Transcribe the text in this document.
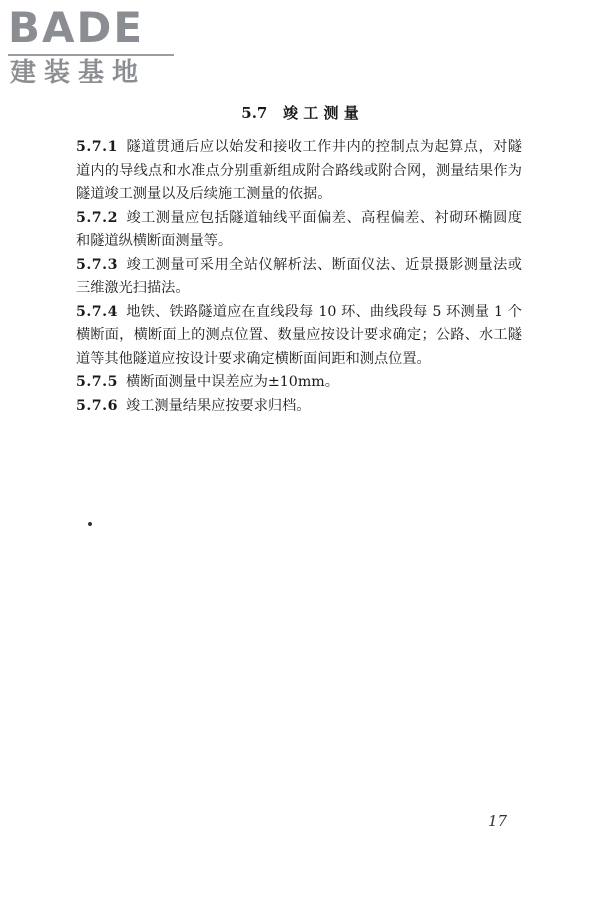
BADE
建装基地
5.7 竣 工 测 量

5.7.1 隧道贯通后应以始发和接收工作井内的控制点为起算点，对隧道内的导线点和水准点分别重新组成附合路线或附合网，测量结果作为隧道竣工测量以及后续施工测量的依据。

5.7.2 竣工测量应包括隧道轴线平面偏差、高程偏差、衬砌环椭圆度和隧道纵横断面测量等。

5.7.3 竣工测量可采用全站仪解析法、断面仪法、近景摄影测量法或三维激光扫描法。

5.7.4 地铁、铁路隧道应在直线段每 10 环、曲线段每 5 环测量 1 个横断面，横断面上的测点位置、数量应按设计要求确定；公路、水工隧道等其他隧道应按设计要求确定横断面间距和测点位置。

5.7.5 横断面测量中误差应为±10mm。

5.7.6 竣工测量结果应按要求归档。

17
